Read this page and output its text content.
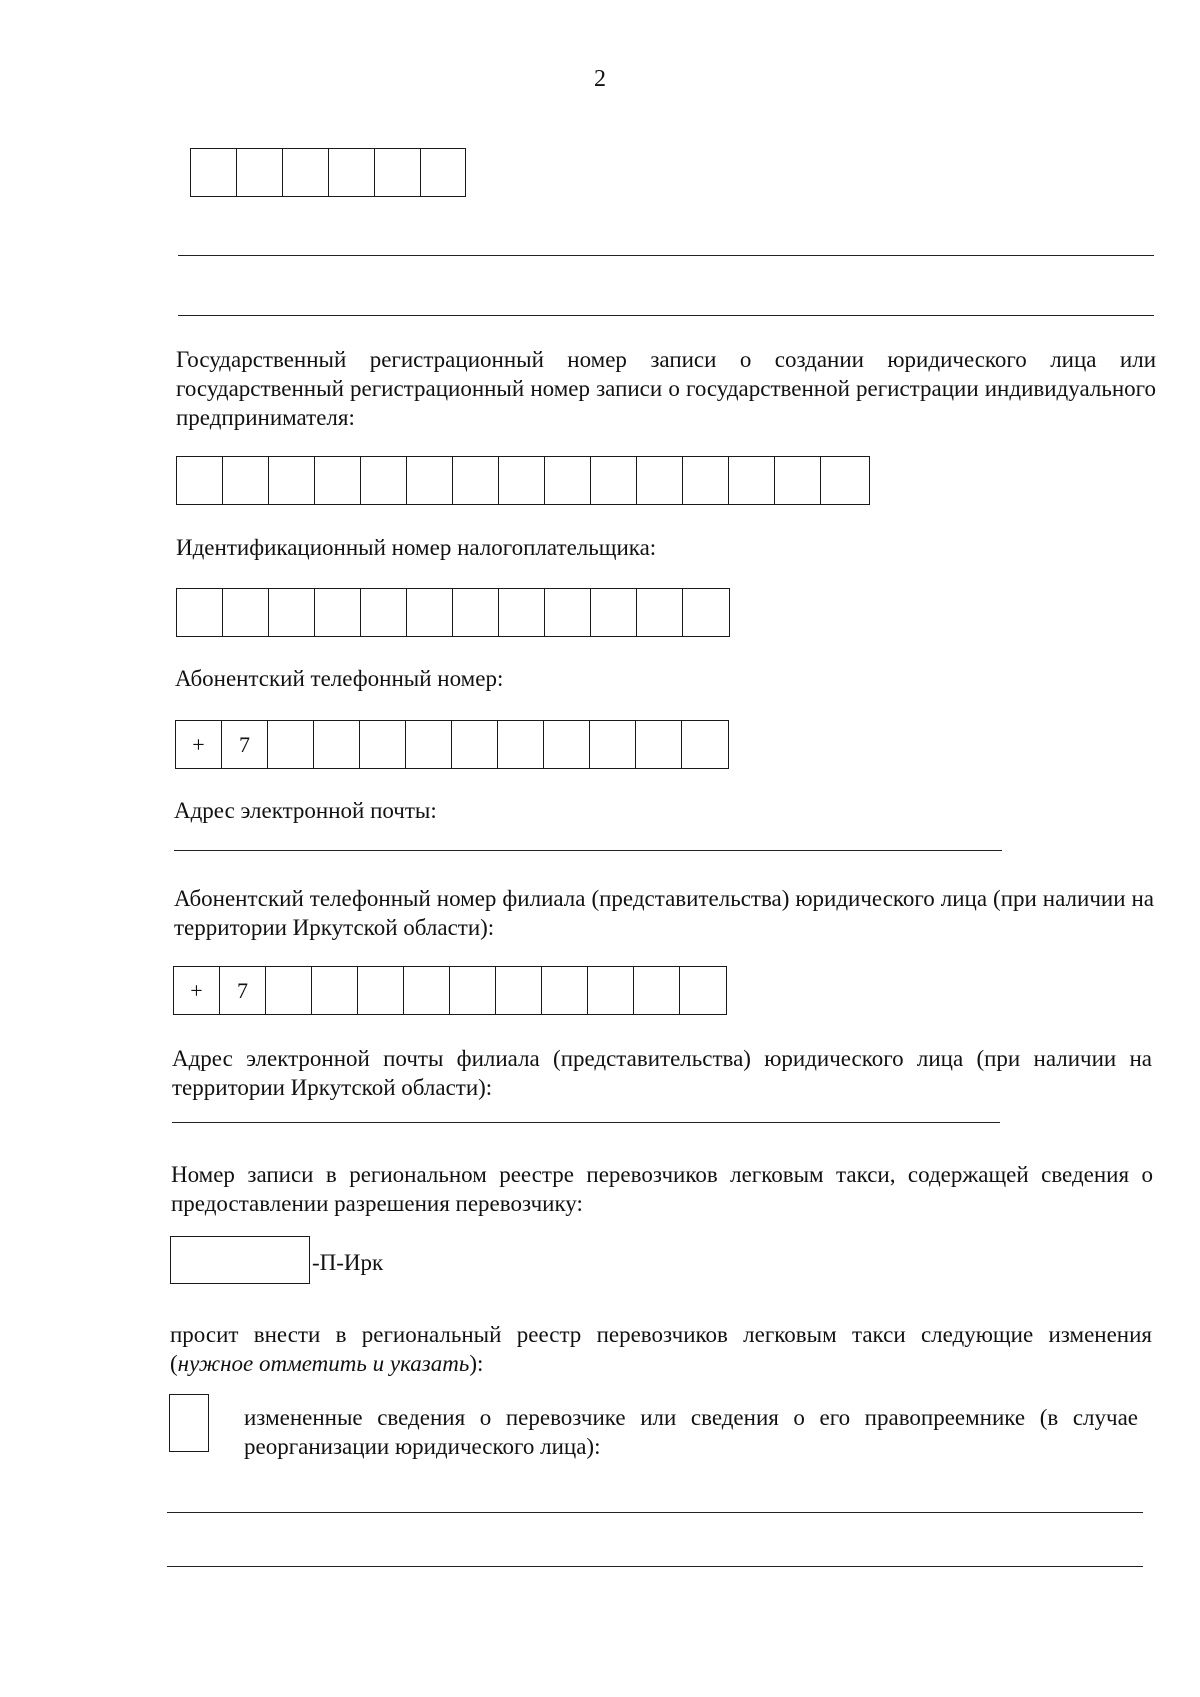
2
Государственный регистрационный номер записи о создании юридического лица или государственный регистрационный номер записи о государственной регистрации индивидуального предпринимателя:
Идентификационный номер налогоплательщика:
Абонентский телефонный номер:
+	7
Адрес электронной почты:
Абонентский телефонный номер филиала (представительства) юридического лица (при наличии на территории Иркутской области):
+	7
Адрес электронной почты филиала (представительства) юридического лица (при наличии на территории Иркутской области):
Номер записи в региональном реестре перевозчиков легковым такси, содержащей сведения о предоставлении разрешения перевозчику:
-П-Ирк
просит внести в региональный реестр перевозчиков легковым такси следующие изменения (нужное отметить и указать):
измененные сведения о перевозчике или сведения о его правопреемнике (в случае реорганизации юридического лица):
